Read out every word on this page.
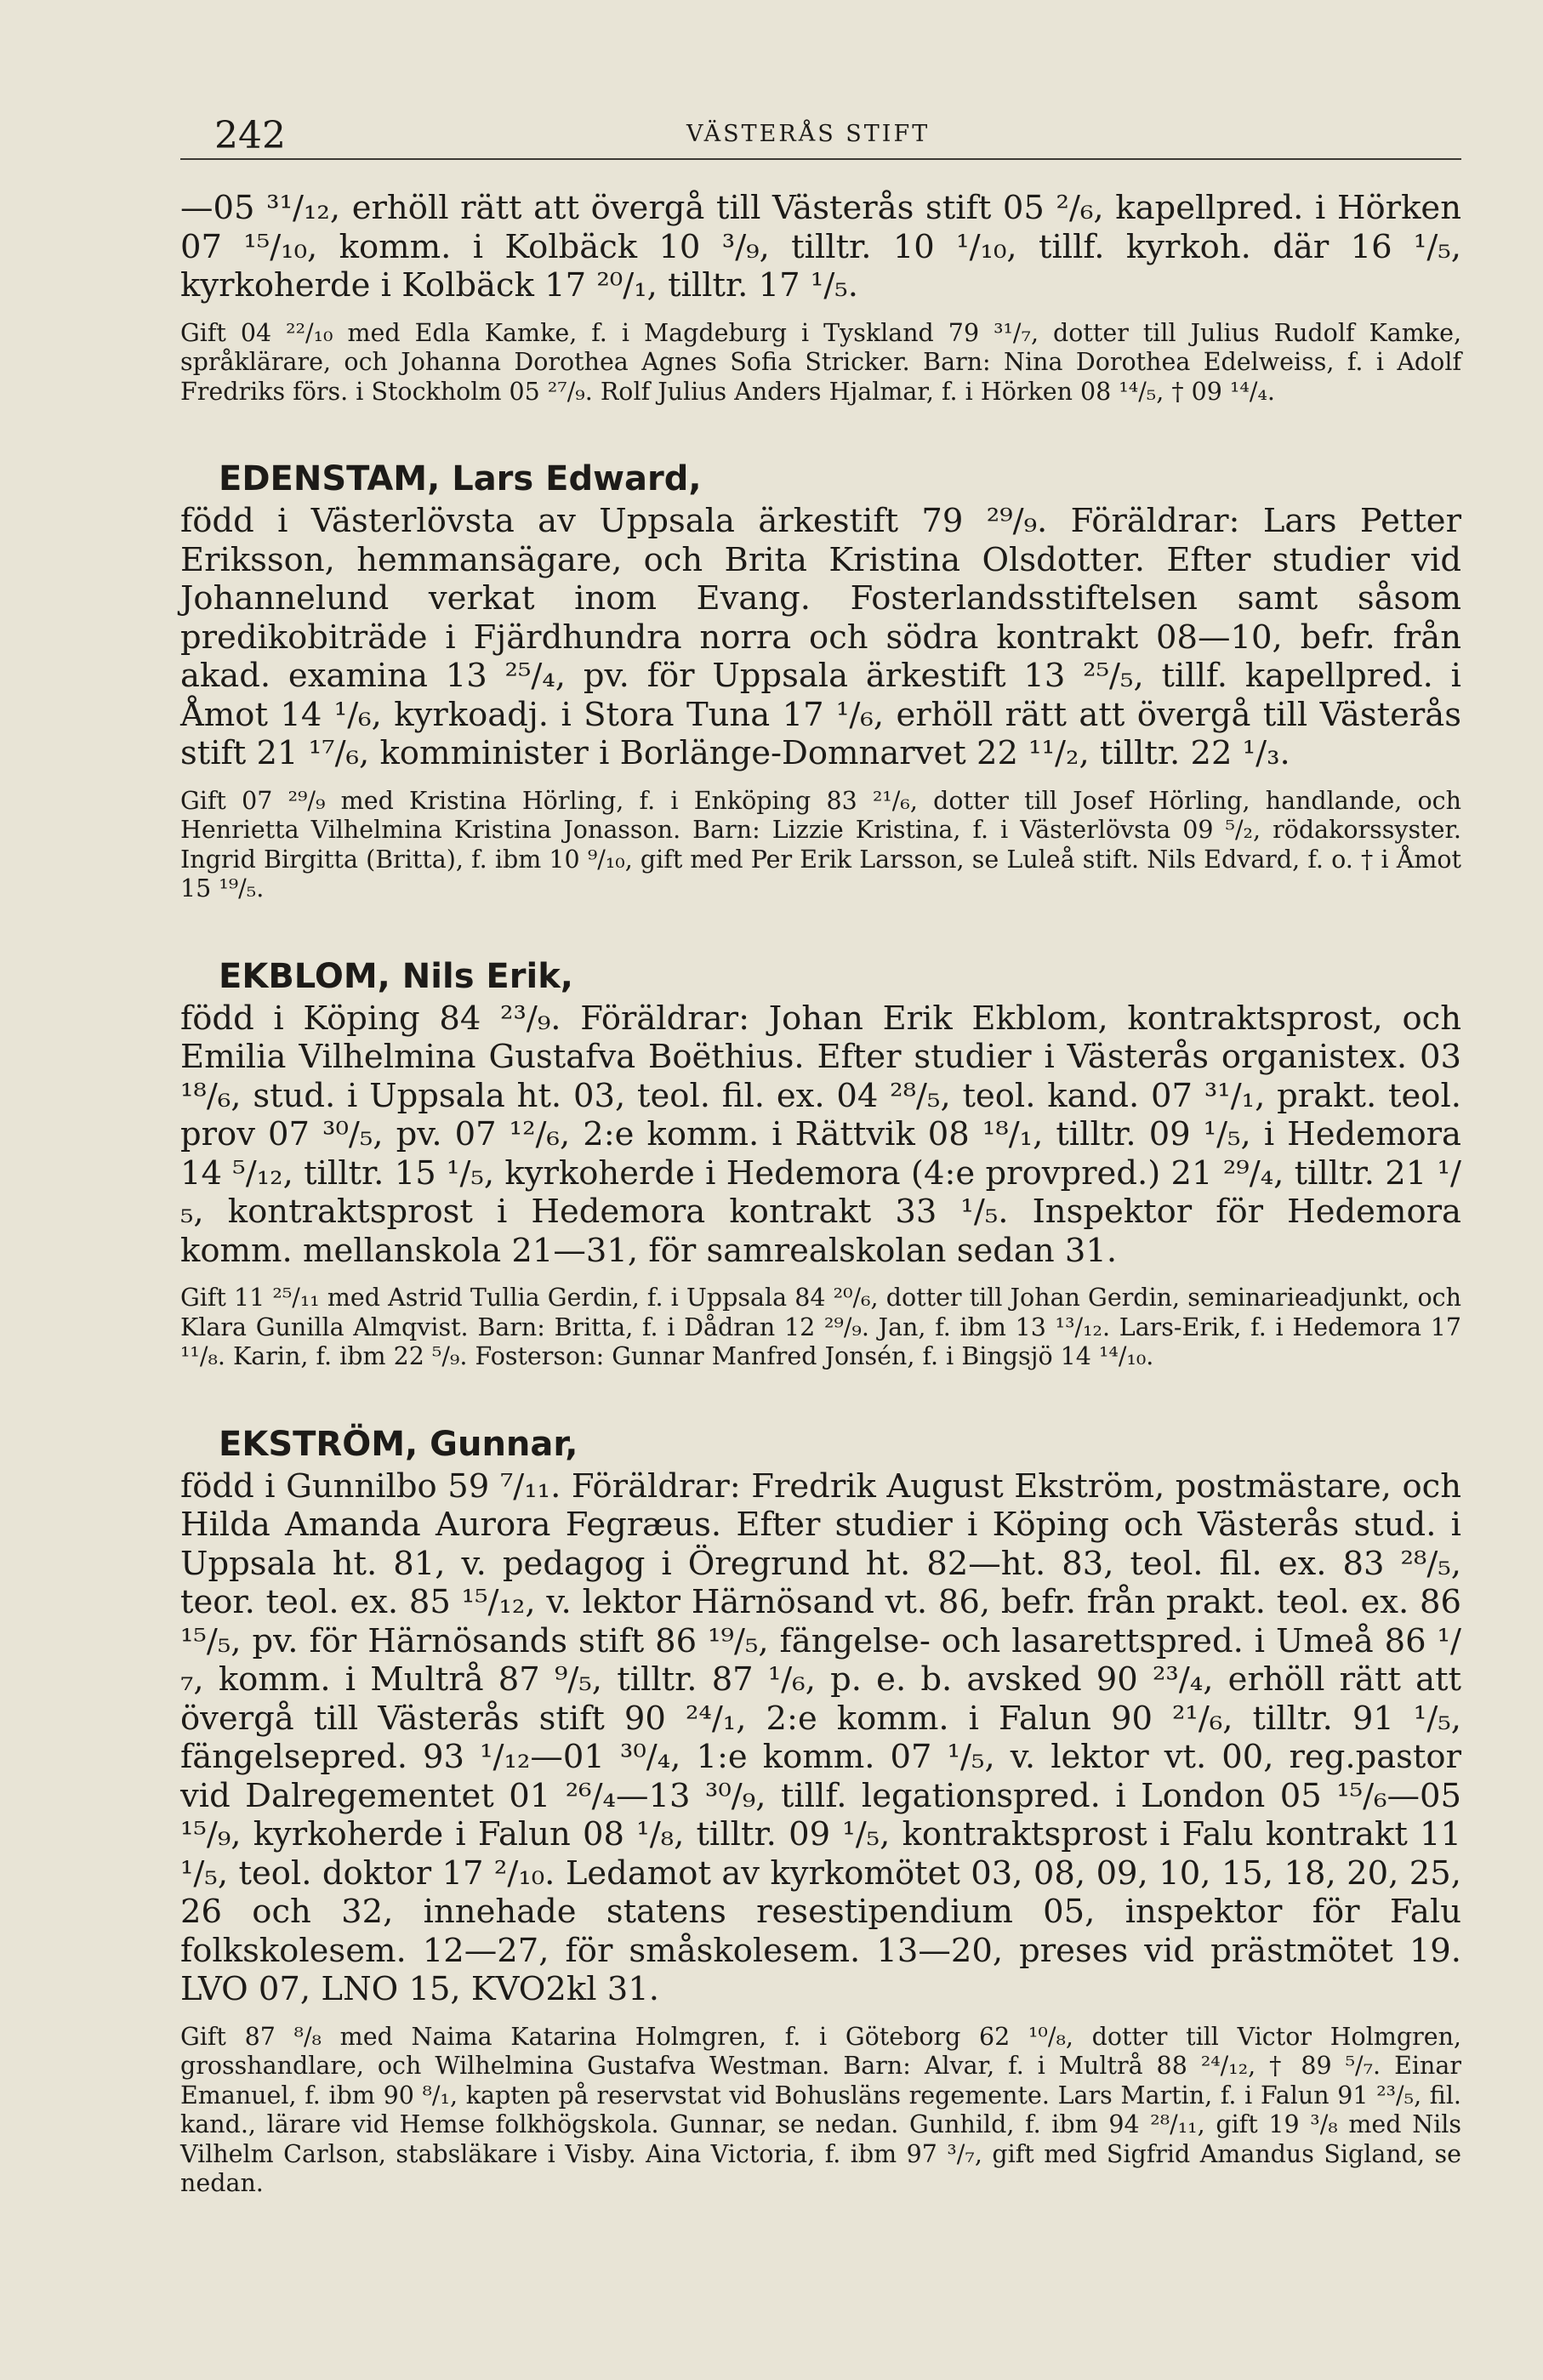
242	VÄSTERÅS STIFT

—05 ³¹/₁₂, erhöll rätt att övergå till Västerås stift 05 ²/₆, kapellpred. i Hörken 07 ¹⁵/₁₀, komm. i Kolbäck 10 ³/₉, tilltr. 10 ¹/₁₀, tillf. kyrkoh. där 16 ¹/₅, kyrkoherde i Kolbäck 17 ²⁰/₁, tilltr. 17 ¹/₅.

Gift 04 ²²/₁₀ med Edla Kamke, f. i Magdeburg i Tyskland 79 ³¹/₇, dotter till Julius Rudolf Kamke, språklärare, och Johanna Dorothea Agnes Sofia Stricker. Barn: Nina Dorothea Edelweiss, f. i Adolf Fredriks förs. i Stockholm 05 ²⁷/₉. Rolf Julius Anders Hjalmar, f. i Hörken 08 ¹⁴/₅, † 09 ¹⁴/₄.

EDENSTAM, Lars Edward,

född i Västerlövsta av Uppsala ärkestift 79 ²⁹/₉. Föräldrar: Lars Petter Eriksson, hemmansägare, och Brita Kristina Olsdotter. Efter studier vid Johannelund verkat inom Evang. Fosterlandsstiftelsen samt såsom predikobiträde i Fjärdhundra norra och södra kontrakt 08—10, befr. från akad. examina 13 ²⁵/₄, pv. för Uppsala ärkestift 13 ²⁵/₅, tillf. kapellpred. i Åmot 14 ¹/₆, kyrkoadj. i Stora Tuna 17 ¹/₆, erhöll rätt att övergå till Västerås stift 21 ¹⁷/₆, komminister i Borlänge-Domnarvet 22 ¹¹/₂, tilltr. 22 ¹/₃.

Gift 07 ²⁹/₉ med Kristina Hörling, f. i Enköping 83 ²¹/₆, dotter till Josef Hörling, handlande, och Henrietta Vilhelmina Kristina Jonasson. Barn: Lizzie Kristina, f. i Västerlövsta 09 ⁵/₂, rödakorssyster. Ingrid Birgitta (Britta), f. ibm 10 ⁹/₁₀, gift med Per Erik Larsson, se Luleå stift. Nils Edvard, f. o. † i Åmot 15 ¹⁹/₅.

EKBLOM, Nils Erik,

född i Köping 84 ²³/₉. Föräldrar: Johan Erik Ekblom, kontraktsprost, och Emilia Vilhelmina Gustafva Boëthius. Efter studier i Västerås organistex. 03 ¹⁸/₆, stud. i Uppsala ht. 03, teol. fil. ex. 04 ²⁸/₅, teol. kand. 07 ³¹/₁, prakt. teol. prov 07 ³⁰/₅, pv. 07 ¹²/₆, 2:e komm. i Rättvik 08 ¹⁸/₁, tilltr. 09 ¹/₅, i Hedemora 14 ⁵/₁₂, tilltr. 15 ¹/₅, kyrkoherde i Hedemora (4:e provpred.) 21 ²⁹/₄, tilltr. 21 ¹/₅, kontraktsprost i Hedemora kontrakt 33 ¹/₅. Inspektor för Hedemora komm. mellanskola 21—31, för samrealskolan sedan 31.

Gift 11 ²⁵/₁₁ med Astrid Tullia Gerdin, f. i Uppsala 84 ²⁰/₆, dotter till Johan Gerdin, seminarieadjunkt, och Klara Gunilla Almqvist. Barn: Britta, f. i Dådran 12 ²⁹/₉. Jan, f. ibm 13 ¹³/₁₂. Lars-Erik, f. i Hedemora 17 ¹¹/₈. Karin, f. ibm 22 ⁵/₉. Fosterson: Gunnar Manfred Jonsén, f. i Bingsjö 14 ¹⁴/₁₀.

EKSTRÖM, Gunnar,

född i Gunnilbo 59 ⁷/₁₁. Föräldrar: Fredrik August Ekström, postmästare, och Hilda Amanda Aurora Fegræus. Efter studier i Köping och Västerås stud. i Uppsala ht. 81, v. pedagog i Öregrund ht. 82—ht. 83, teol. fil. ex. 83 ²⁸/₅, teor. teol. ex. 85 ¹⁵/₁₂, v. lektor Härnösand vt. 86, befr. från prakt. teol. ex. 86 ¹⁵/₅, pv. för Härnösands stift 86 ¹⁹/₅, fängelse- och lasarettspred. i Umeå 86 ¹/₇, komm. i Multrå 87 ⁹/₅, tilltr. 87 ¹/₆, p. e. b. avsked 90 ²³/₄, erhöll rätt att övergå till Västerås stift 90 ²⁴/₁, 2:e komm. i Falun 90 ²¹/₆, tilltr. 91 ¹/₅, fängelsepred. 93 ¹/₁₂—01 ³⁰/₄, 1:e komm. 07 ¹/₅, v. lektor vt. 00, reg.pastor vid Dalregementet 01 ²⁶/₄—13 ³⁰/₉, tillf. legationspred. i London 05 ¹⁵/₆—05 ¹⁵/₉, kyrkoherde i Falun 08 ¹/₈, tilltr. 09 ¹/₅, kontraktsprost i Falu kontrakt 11 ¹/₅, teol. doktor 17 ²/₁₀. Ledamot av kyrkomötet 03, 08, 09, 10, 15, 18, 20, 25, 26 och 32, innehade statens resestipendium 05, inspektor för Falu folkskolesem. 12—27, för småskolesem. 13—20, preses vid prästmötet 19. LVO 07, LNO 15, KVO2kl 31.

Gift 87 ⁸/₈ med Naima Katarina Holmgren, f. i Göteborg 62 ¹⁰/₈, dotter till Victor Holmgren, grosshandlare, och Wilhelmina Gustafva Westman. Barn: Alvar, f. i Multrå 88 ²⁴/₁₂, † 89 ⁵/₇. Einar Emanuel, f. ibm 90 ⁸/₁, kapten på reservstat vid Bohusläns regemente. Lars Martin, f. i Falun 91 ²³/₅, fil. kand., lärare vid Hemse folkhögskola. Gunnar, se nedan. Gunhild, f. ibm 94 ²⁸/₁₁, gift 19 ³/₈ med Nils Vilhelm Carlson, stabsläkare i Visby. Aina Victoria, f. ibm 97 ³/₇, gift med Sigfrid Amandus Sigland, se nedan.
